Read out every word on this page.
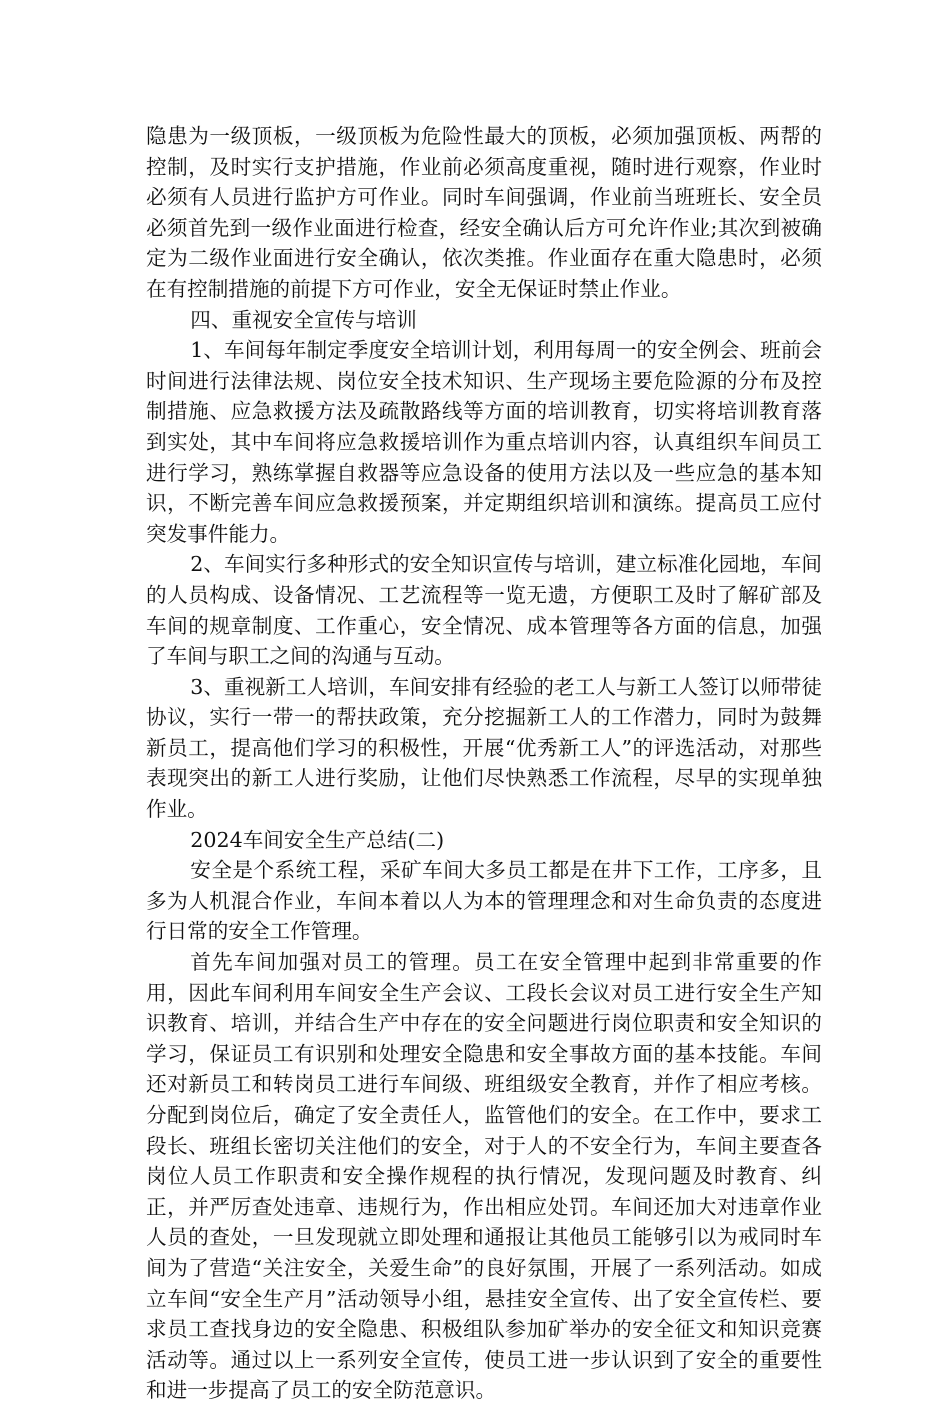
隐患为一级顶板，一级顶板为危险性最大的顶板，必须加强顶板、两帮的控制，及时实行支护措施，作业前必须高度重视，随时进行观察，作业时必须有人员进行监护方可作业。同时车间强调，作业前当班班长、安全员必须首先到一级作业面进行检查，经安全确认后方可允许作业;其次到被确定为二级作业面进行安全确认，依次类推。作业面存在重大隐患时，必须在有控制措施的前提下方可作业，安全无保证时禁止作业。

四、重视安全宣传与培训

1、车间每年制定季度安全培训计划，利用每周一的安全例会、班前会时间进行法律法规、岗位安全技术知识、生产现场主要危险源的分布及控制措施、应急救援方法及疏散路线等方面的培训教育，切实将培训教育落到实处，其中车间将应急救援培训作为重点培训内容，认真组织车间员工进行学习，熟练掌握自救器等应急设备的使用方法以及一些应急的基本知识，不断完善车间应急救援预案，并定期组织培训和演练。提高员工应付突发事件能力。

2、车间实行多种形式的安全知识宣传与培训，建立标准化园地，车间的人员构成、设备情况、工艺流程等一览无遗，方便职工及时了解矿部及车间的规章制度、工作重心，安全情况、成本管理等各方面的信息，加强了车间与职工之间的沟通与互动。

3、重视新工人培训，车间安排有经验的老工人与新工人签订以师带徒协议，实行一带一的帮扶政策，充分挖掘新工人的工作潜力，同时为鼓舞新员工，提高他们学习的积极性，开展“优秀新工人”的评选活动，对那些表现突出的新工人进行奖励，让他们尽快熟悉工作流程，尽早的实现单独作业。

2024车间安全生产总结(二)

安全是个系统工程，采矿车间大多员工都是在井下工作，工序多，且多为人机混合作业，车间本着以人为本的管理理念和对生命负责的态度进行日常的安全工作管理。

首先车间加强对员工的管理。员工在安全管理中起到非常重要的作用，因此车间利用车间安全生产会议、工段长会议对员工进行安全生产知识教育、培训，并结合生产中存在的安全问题进行岗位职责和安全知识的学习，保证员工有识别和处理安全隐患和安全事故方面的基本技能。车间还对新员工和转岗员工进行车间级、班组级安全教育，并作了相应考核。分配到岗位后，确定了安全责任人，监管他们的安全。在工作中，要求工段长、班组长密切关注他们的安全，对于人的不安全行为，车间主要查各岗位人员工作职责和安全操作规程的执行情况，发现问题及时教育、纠正，并严厉查处违章、违规行为，作出相应处罚。车间还加大对违章作业人员的查处，一旦发现就立即处理和通报让其他员工能够引以为戒同时车间为了营造“关注安全，关爱生命”的良好氛围，开展了一系列活动。如成立车间“安全生产月”活动领导小组，悬挂安全宣传、出了安全宣传栏、要求员工查找身边的安全隐患、积极组队参加矿举办的安全征文和知识竞赛活动等。通过以上一系列安全宣传，使员工进一步认识到了安全的重要性和进一步提高了员工的安全防范意识。
